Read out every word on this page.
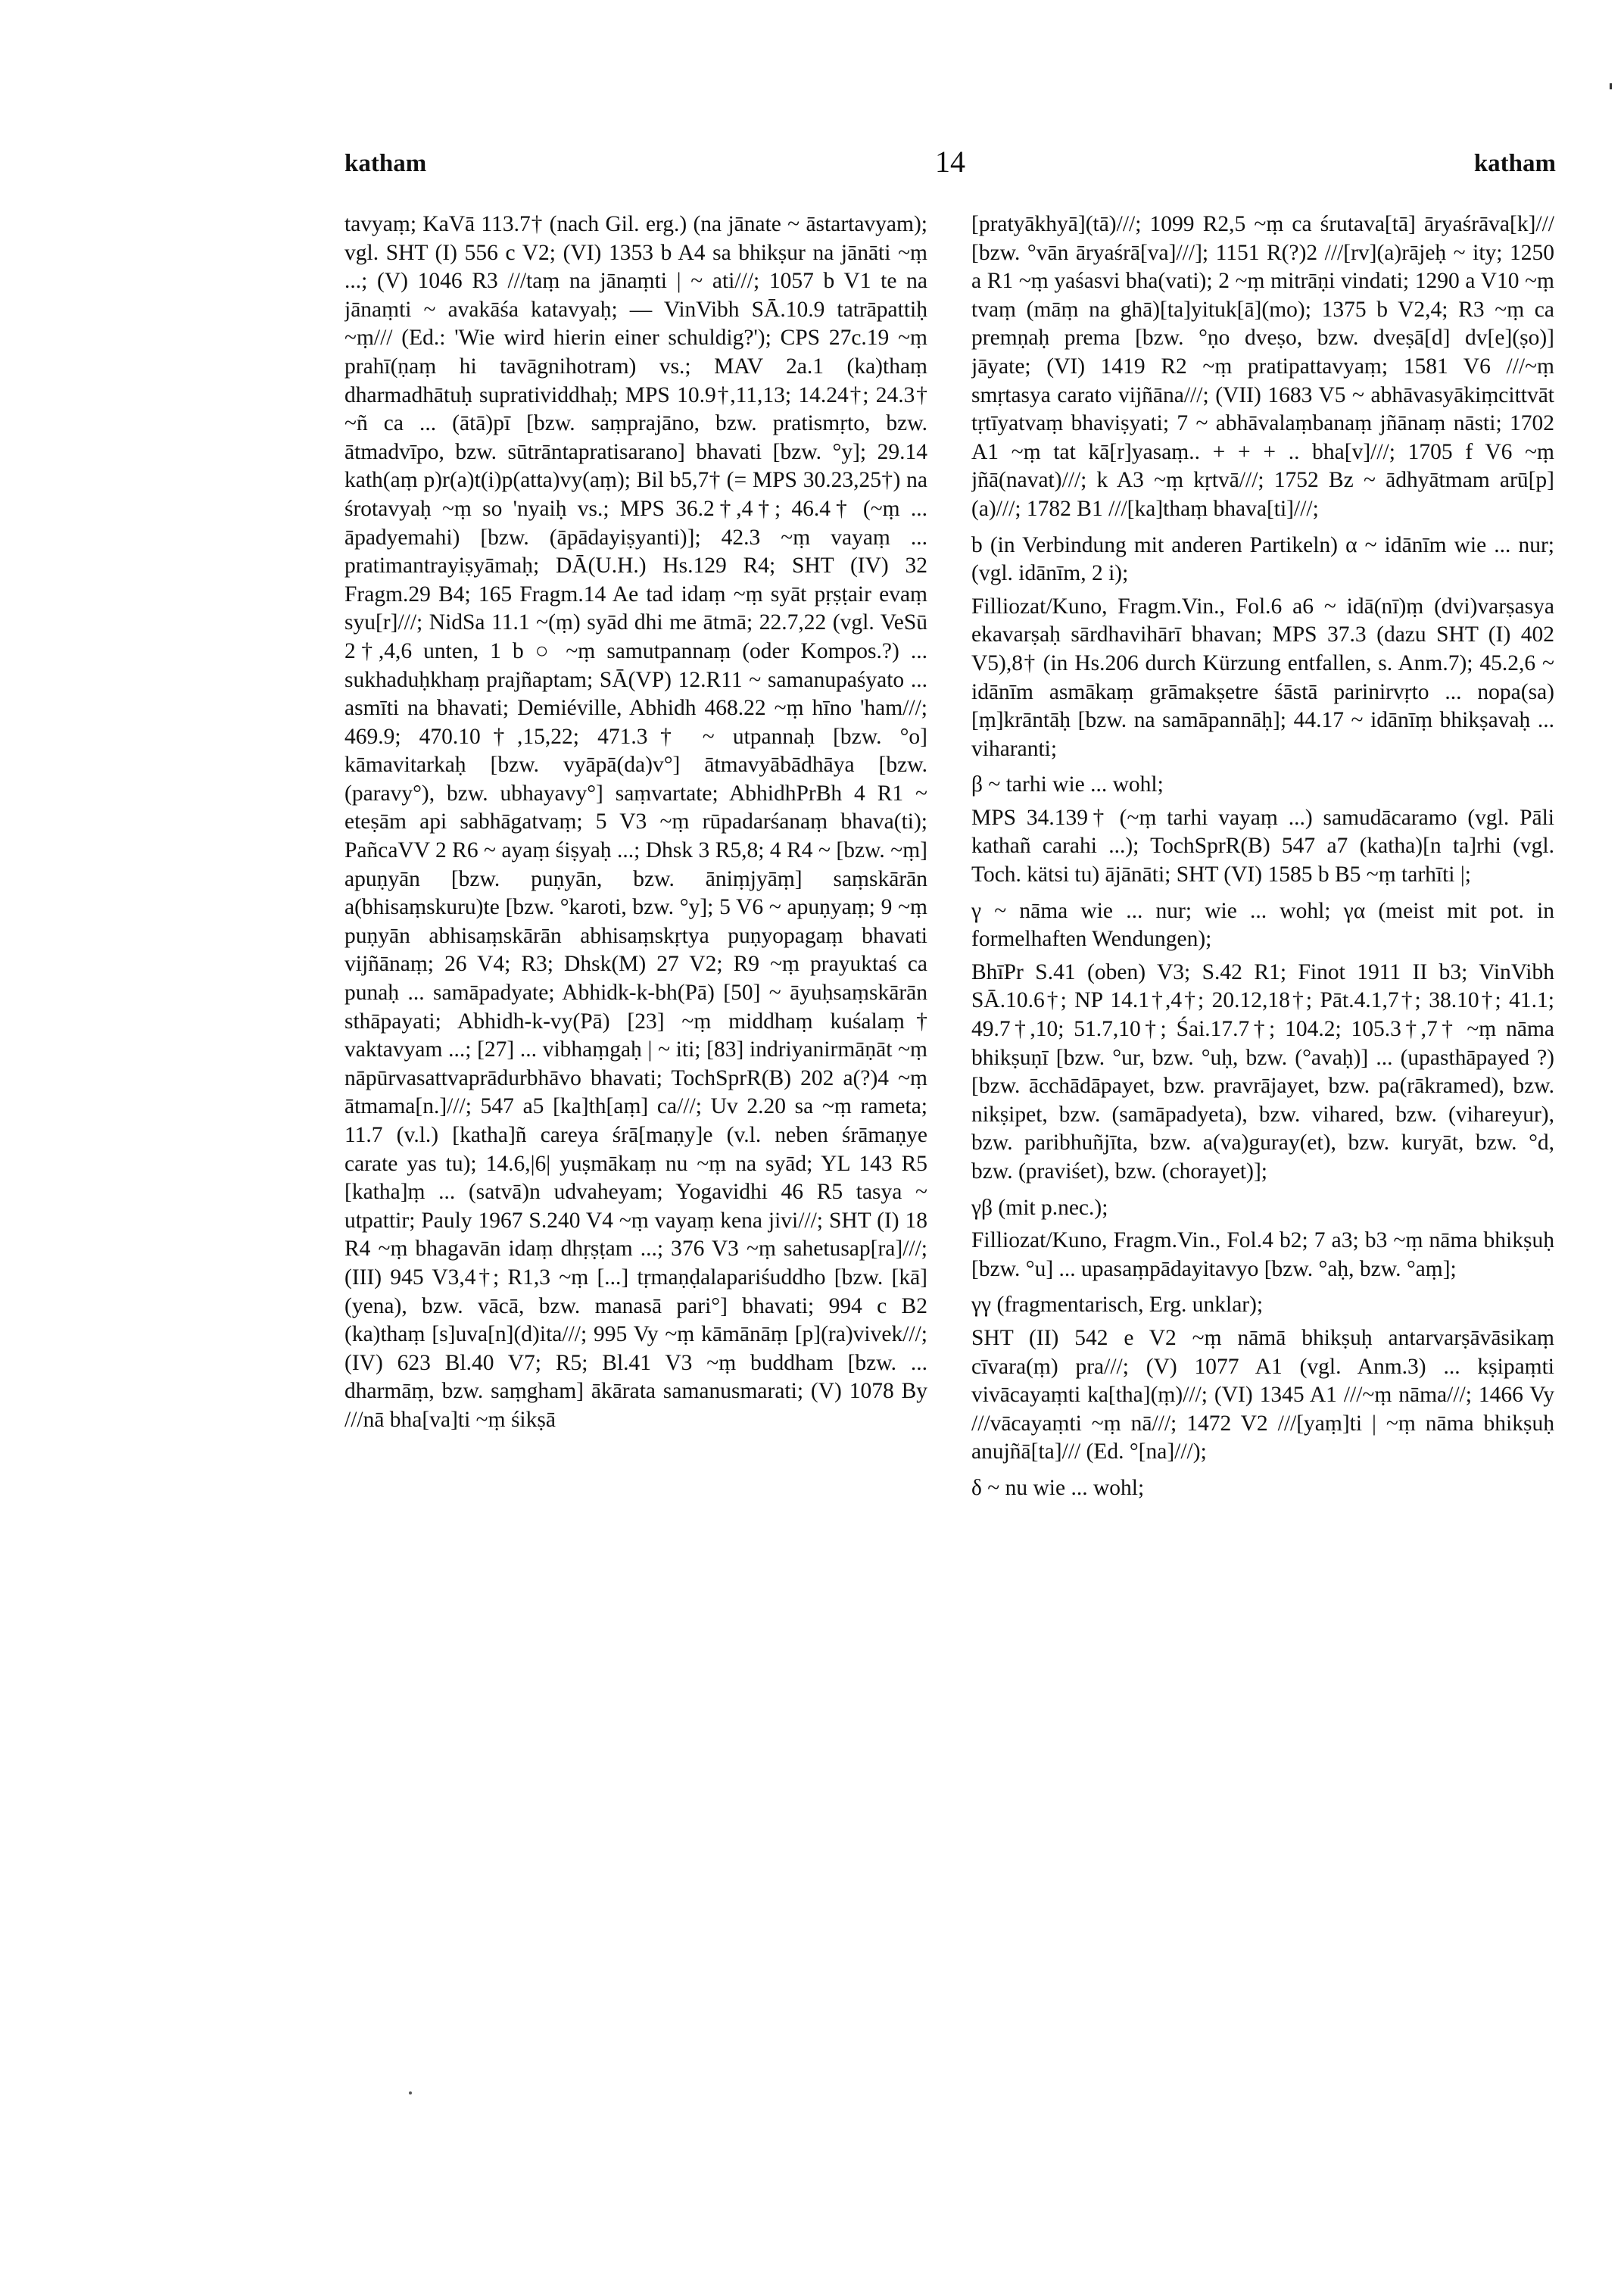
katham	14	katham

tavyaṃ; KaVā 113.7† (nach Gil. erg.) (na jānate ~ āstartavyam); vgl. SHT (I) 556 c V2; (VI) 1353 b A4 sa bhikṣur na jānāti ~ṃ ...; (V) 1046 R3 ///taṃ na jānaṃti | ~ ati///; 1057 b V1 te na jānaṃti ~ avakāśa katavyaḥ; — VinVibh SĀ.10.9 tatrāpattiḥ ~ṃ/// (Ed.: 'Wie wird hierin einer schuldig?'); CPS 27c.19 ~ṃ prahī(ṇaṃ hi tavāgnihotram) vs.; MAV 2a.1 (ka)thaṃ dharmadhātuḥ supratividdhaḥ; MPS 10.9†,11,13; 14.24†; 24.3† ~ñ ca ... (ātā)pī [bzw. saṃprajāno, bzw. pratismṛto, bzw. ātmadvīpo, bzw. sūtrāntapratisarano] bhavati [bzw. °y]; 29.14 kath(aṃ p)r(a)t(i)p(atta)vy(aṃ); Bil b5,7† (= MPS 30.23,25†) na śrotavyaḥ ~ṃ so 'nyaiḥ vs.; MPS 36.2†,4†; 46.4† (~ṃ ... āpadyemahi) [bzw. (āpādayiṣyanti)]; 42.3 ~ṃ vayaṃ ... pratimantrayiṣyāmaḥ; DĀ(U.H.) Hs.129 R4; SHT (IV) 32 Fragm.29 B4; 165 Fragm.14 Ae tad idaṃ ~ṃ syāt pṛṣṭair evaṃ syu[r]///; NidSa 11.1 ~(ṃ) syād dhi me ātmā; 22.7,22 (vgl. VeSū 2†,4,6 unten, 1 b ○ ~ṃ samutpannaṃ (oder Kompos.?) ... sukhaduḥkhaṃ prajñaptam; SĀ(VP) 12.R11 ~ samanupaśyato ... asmīti na bhavati; Demiéville, Abhidh 468.22 ~ṃ hīno 'ham///; 469.9; 470.10†,15,22; 471.3† ~ utpannaḥ [bzw. °o] kāmavitarkaḥ [bzw. vyāpā(da)v°] ātmavyābādhāya [bzw. (paravy°), bzw. ubhayavy°] saṃvartate; AbhidhPrBh 4 R1 ~ eteṣām api sabhāgatvaṃ; 5 V3 ~ṃ rūpadarśanaṃ bhava(ti); PañcaVV 2 R6 ~ ayaṃ śiṣyaḥ ...; Dhsk 3 R5,8; 4 R4 ~ [bzw. ~ṃ] apuṇyān [bzw. puṇyān, bzw. āniṃjyāṃ] saṃskārān a(bhisaṃskuru)te [bzw. °karoti, bzw. °y]; 5 V6 ~ apuṇyaṃ; 9 ~ṃ puṇyān abhisaṃskārān abhisaṃskṛtya puṇyopagaṃ bhavati vijñānaṃ; 26 V4; R3; Dhsk(M) 27 V2; R9 ~ṃ prayuktaś ca punaḥ ... samāpadyate; Abhidk-k-bh(Pā) [50] ~ āyuḥsaṃskārān sthāpayati; Abhidh-k-vy(Pā) [23] ~ṃ middhaṃ kuśalaṃ† vaktavyam ...; [27] ... vibhaṃgaḥ | ~ iti; [83] indriyanirmāṇāt ~ṃ nāpūrvasattvaprādurbhāvo bhavati; TochSprR(B) 202 a(?)4 ~ṃ ātmama[n.]///; 547 a5 [ka]th[aṃ] ca///; Uv 2.20 sa ~ṃ rameta; 11.7 (v.l.) [katha]ñ careya śrā[maṇy]e (v.l. neben śrāmaṇye carate yas tu); 14.6,|6| yuṣmākaṃ nu ~ṃ na syād; YL 143 R5 [katha]ṃ ... (satvā)n udvaheyam; Yogavidhi 46 R5 tasya ~ utpattir; Pauly 1967 S.240 V4 ~ṃ vayaṃ kena jivi///; SHT (I) 18 R4 ~ṃ bhagavān idaṃ dhṛṣṭam ...; 376 V3 ~ṃ sahetusap[ra]///; (III) 945 V3,4†; R1,3 ~ṃ [...] tṛmaṇḍalapariśuddho [bzw. [kā](yena), bzw. vācā, bzw. manasā pari°] bhavati; 994 c B2 (ka)thaṃ [s]uva[n](d)ita///; 995 Vy ~ṃ kāmānāṃ [p](ra)vivek///; (IV) 623 Bl.40 V7; R5; Bl.41 V3 ~ṃ buddham [bzw. ... dharmāṃ, bzw. saṃgham] ākārata samanusmarati; (V) 1078 By ///nā bha[va]ti ~ṃ śikṣā

[pratyākhyā](tā)///; 1099 R2,5 ~ṃ ca śrutava[tā] āryaśrāva[k]/// [bzw. °vān āryaśrā[va]///]; 1151 R(?)2 ///[rv](a)rājeḥ ~ ity; 1250 a R1 ~ṃ yaśasvi bha(vati); 2 ~ṃ mitrāṇi vindati; 1290 a V10 ~ṃ tvaṃ (māṃ na ghā)[ta]yituk[ā](mo); 1375 b V2,4; R3 ~ṃ ca premṇaḥ prema [bzw. °ṇo dveṣo, bzw. dveṣā[d] dv[e](ṣo)] jāyate; (VI) 1419 R2 ~ṃ pratipattavyaṃ; 1581 V6 ///~ṃ smṛtasya carato vijñāna///; (VII) 1683 V5 ~ abhāvasyākiṃcittvāt tṛtīyatvaṃ bhaviṣyati; 7 ~ abhāvalaṃbanaṃ jñānaṃ nāsti; 1702 A1 ~ṃ tat kā[r]yasaṃ.. + + + .. bha[v]///; 1705 f V6 ~ṃ jñā(navat)///; k A3 ~ṃ kṛtvā///; 1752 Bz ~ ādhyātmam arū[p](a)///; 1782 B1 ///[ka]thaṃ bhava[ti]///;

b (in Verbindung mit anderen Partikeln) α ~ idānīm wie ... nur; (vgl. idānīm, 2 i);

Filliozat/Kuno, Fragm.Vin., Fol.6 a6 ~ idā(nī)ṃ (dvi)varṣasya ekavarṣaḥ sārdhavihārī bhavan; MPS 37.3 (dazu SHT (I) 402 V5),8† (in Hs.206 durch Kürzung entfallen, s. Anm.7); 45.2,6 ~ idānīm asmākaṃ grāmakṣetre śāstā parinirvṛto ... nopa(sa)[ṃ]krāntāḥ [bzw. na samāpannāḥ]; 44.17 ~ idānīṃ bhikṣavaḥ ... viharanti;

β ~ tarhi wie ... wohl;

MPS 34.139† (~ṃ tarhi vayaṃ ...) samudācaramo (vgl. Pāli kathañ carahi ...); TochSprR(B) 547 a7 (katha)[n ta]rhi (vgl. Toch. kätsi tu) ājānāti; SHT (VI) 1585 b B5 ~ṃ tarhīti |;

γ ~ nāma wie ... nur; wie ... wohl; γα (meist mit pot. in formelhaften Wendungen);

BhīPr S.41 (oben) V3; S.42 R1; Finot 1911 II b3; VinVibh SĀ.10.6†; NP 14.1†,4†; 20.12,18†; Pāt.4.1,7†; 38.10†; 41.1; 49.7†,10; 51.7,10†; Śai.17.7†; 104.2; 105.3†,7† ~ṃ nāma bhikṣuṇī [bzw. °ur, bzw. °uḥ, bzw. (°avaḥ)] ... (upasthāpayed ?) [bzw. ācchādāpayet, bzw. pravrājayet, bzw. pa(rākramed), bzw. nikṣipet, bzw. (samāpadyeta), bzw. vihared, bzw. (vihareyur), bzw. paribhuñjīta, bzw. a(va)guray(et), bzw. kuryāt, bzw. °d, bzw. (praviśet), bzw. (chorayet)];

γβ (mit p.nec.);

Filliozat/Kuno, Fragm.Vin., Fol.4 b2; 7 a3; b3 ~ṃ nāma bhikṣuḥ [bzw. °u] ... upasaṃpādayitavyo [bzw. °aḥ, bzw. °aṃ];

γγ (fragmentarisch, Erg. unklar);

SHT (II) 542 e V2 ~ṃ nāmā bhikṣuḥ antarvarṣāvāsikaṃ cīvara(ṃ) pra///; (V) 1077 A1 (vgl. Anm.3) ... kṣipaṃti vivācayaṃti ka[tha](ṃ)///; (VI) 1345 A1 ///~ṃ nāma///; 1466 Vy ///vācayaṃti ~ṃ nā///; 1472 V2 ///[yaṃ]ti | ~ṃ nāma bhikṣuḥ anujñā[ta]/// (Ed. °[na]///);

δ ~ nu wie ... wohl;
